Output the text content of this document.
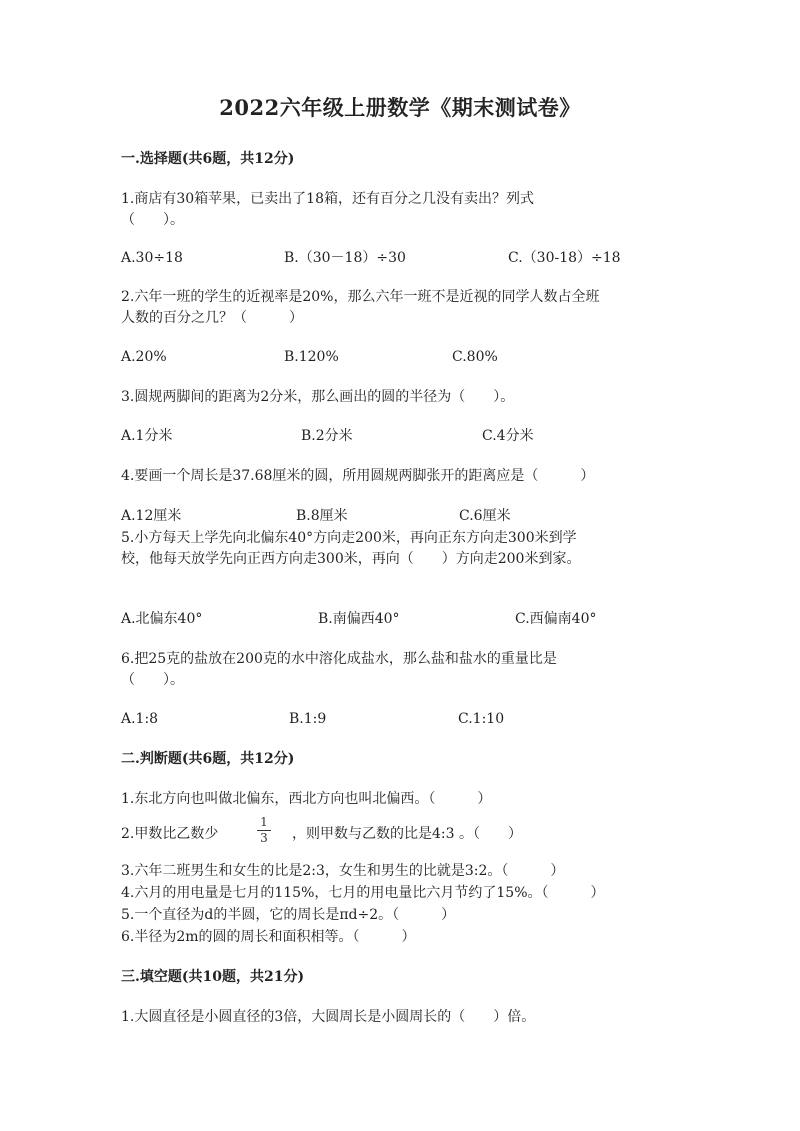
2022六年级上册数学《期末测试卷》
一.选择题(共6题，共12分)
1.商店有30箱苹果，已卖出了18箱，还有百分之几没有卖出？列式
（　　）。
A.30÷18	B.（30－18）÷30	C.（30-18）÷18
2.六年一班的学生的近视率是20%，那么六年一班不是近视的同学人数占全班
人数的百分之几？（　　　）
A.20%	B.120%	C.80%
3.圆规两脚间的距离为2分米，那么画出的圆的半径为（　　）。
A.1分米	B.2分米	C.4分米
4.要画一个周长是37.68厘米的圆，所用圆规两脚张开的距离应是（　　　）
A.12厘米	B.8厘米	C.6厘米
5.小方每天上学先向北偏东40°方向走200米，再向正东方向走300米到学
校，他每天放学先向正西方向走300米，再向（　　）方向走200米到家。
A.北偏东40°	B.南偏西40°	C.西偏南40°
6.把25克的盐放在200克的水中溶化成盐水，那么盐和盐水的重量比是
（　　）。
A.1:8	B.1:9	C.1:10
二.判断题(共6题，共12分)
1.东北方向也叫做北偏东，西北方向也叫北偏西。（　　　）
2.甲数比乙数少
1
3 ，则甲数与乙数的比是4:3 。（　　）
3.六年二班男生和女生的比是2:3，女生和男生的比就是3:2。（　　　）
4.六月的用电量是七月的115%，七月的用电量比六月节约了15%。（　　　）
5.一个直径为d的半圆，它的周长是πd÷2。（　　　）
6.半径为2m的圆的周长和面积相等。（　　　）
三.填空题(共10题，共21分)
1.大圆直径是小圆直径的3倍，大圆周长是小圆周长的（　　）倍。
